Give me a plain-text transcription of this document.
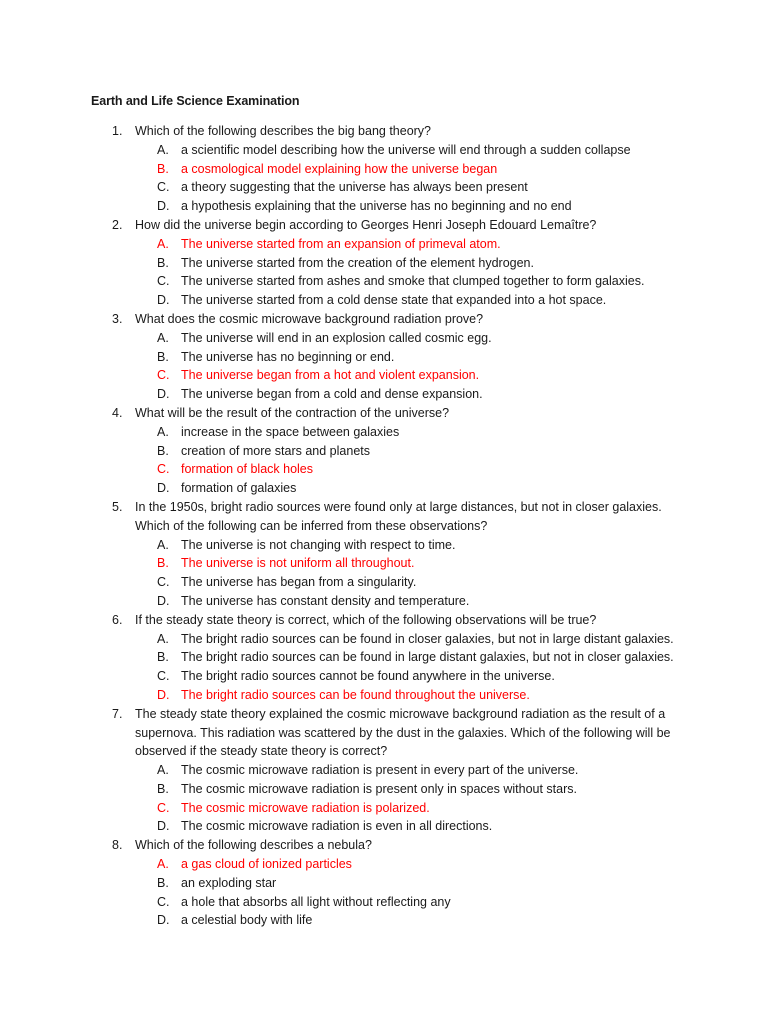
Earth and Life Science Examination
1. Which of the following describes the big bang theory?
A. a scientific model describing how the universe will end through a sudden collapse
B. a cosmological model explaining how the universe began
C. a theory suggesting that the universe has always been present
D. a hypothesis explaining that the universe has no beginning and no end
2. How did the universe begin according to Georges Henri Joseph Edouard Lemaître?
A. The universe started from an expansion of primeval atom.
B. The universe started from the creation of the element hydrogen.
C. The universe started from ashes and smoke that clumped together to form galaxies.
D. The universe started from a cold dense state that expanded into a hot space.
3. What does the cosmic microwave background radiation prove?
A. The universe will end in an explosion called cosmic egg.
B. The universe has no beginning or end.
C. The universe began from a hot and violent expansion.
D. The universe began from a cold and dense expansion.
4. What will be the result of the contraction of the universe?
A. increase in the space between galaxies
B. creation of more stars and planets
C. formation of black holes
D. formation of galaxies
5. In the 1950s, bright radio sources were found only at large distances, but not in closer galaxies. Which of the following can be inferred from these observations?
A. The universe is not changing with respect to time.
B. The universe is not uniform all throughout.
C. The universe has began from a singularity.
D. The universe has constant density and temperature.
6. If the steady state theory is correct, which of the following observations will be true?
A. The bright radio sources can be found in closer galaxies, but not in large distant galaxies.
B. The bright radio sources can be found in large distant galaxies, but not in closer galaxies.
C. The bright radio sources cannot be found anywhere in the universe.
D. The bright radio sources can be found throughout the universe.
7. The steady state theory explained the cosmic microwave background radiation as the result of a supernova. This radiation was scattered by the dust in the galaxies. Which of the following will be observed if the steady state theory is correct?
A. The cosmic microwave radiation is present in every part of the universe.
B. The cosmic microwave radiation is present only in spaces without stars.
C. The cosmic microwave radiation is polarized.
D. The cosmic microwave radiation is even in all directions.
8. Which of the following describes a nebula?
A. a gas cloud of ionized particles
B. an exploding star
C. a hole that absorbs all light without reflecting any
D. a celestial body with life
